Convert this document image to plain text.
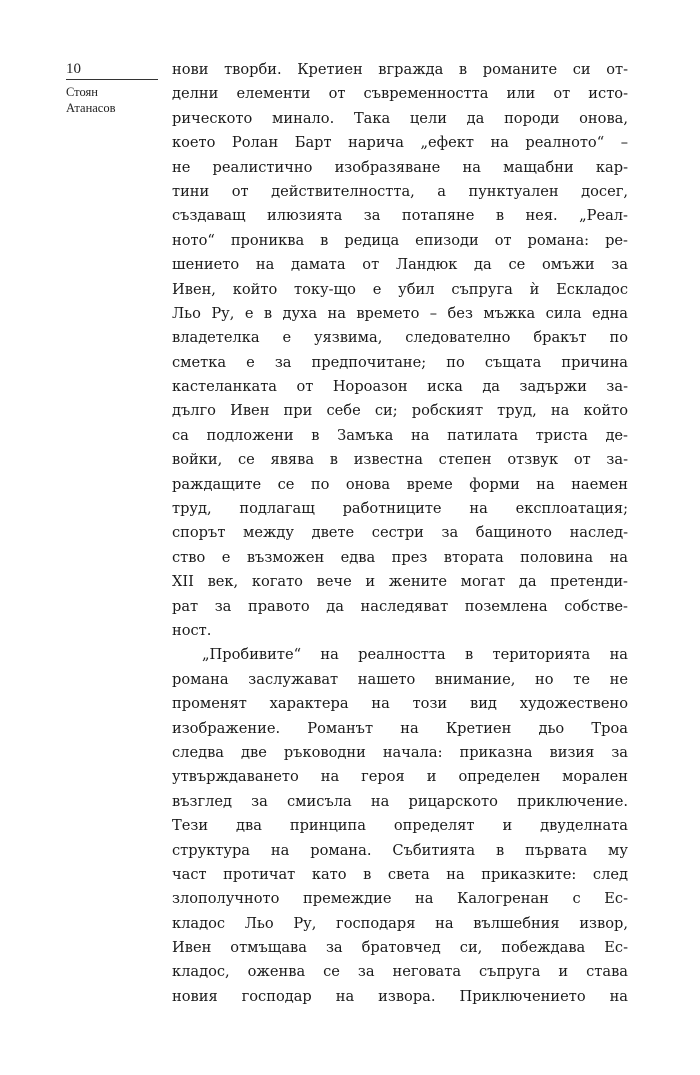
10
Стоян
Атанасов
нови творби. Кретиен вгражда в романите си от-
делни елементи от съвременността или от исто-
рическото минало. Така цели да породи онова,
което Ролан Барт нарича „ефект на реалното“ –
не реалистично изобразяване на мащабни кар-
тини от действителността, а пунктуален досег,
създаващ илюзията за потапяне в нея. „Реал-
ното“ прониква в редица епизоди от романа: ре-
шението на дамата от Ландюк да се омъжи за
Ивен, който току-що е убил съпруга ѝ Ескладос
Льо Ру, е в духа на времето – без мъжка сила една
владетелка е уязвима, следователно бракът по
сметка е за предпочитане; по същата причина
кастеланката от Нороазон иска да задържи за-
дълго Ивен при себе си; робският труд, на който
са подложени в Замъка на патилата триста де-
войки, се явява в известна степен отзвук от за-
раждащите се по онова време форми на наемен
труд, подлагащ работниците на експлоатация;
спорът между двете сестри за бащиното наслед-
ство е възможен едва през втората половина на
XII век, когато вече и жените могат да претенди-
рат за правото да наследяват поземлена собстве-
ност.
„Пробивите“ на реалността в територията на
романа заслужават нашето внимание, но те не
променят характера на този вид художествено
изображение. Романът на Кретиен дьо Троа
следва две ръководни начала: приказна визия за
утвърждаването на героя и определен морален
възглед за смисъла на рицарското приключение.
Тези два принципа определят и двуделната
структура на романа. Събитията в първата му
част протичат като в света на приказките: след
злополучното премеждие на Калогренан с Ес-
кладос Льо Ру, господаря на вълшебния извор,
Ивен отмъщава за братовчед си, побеждава Ес-
кладос, оженва се за неговата съпруга и става
новия господар на извора. Приключението на
